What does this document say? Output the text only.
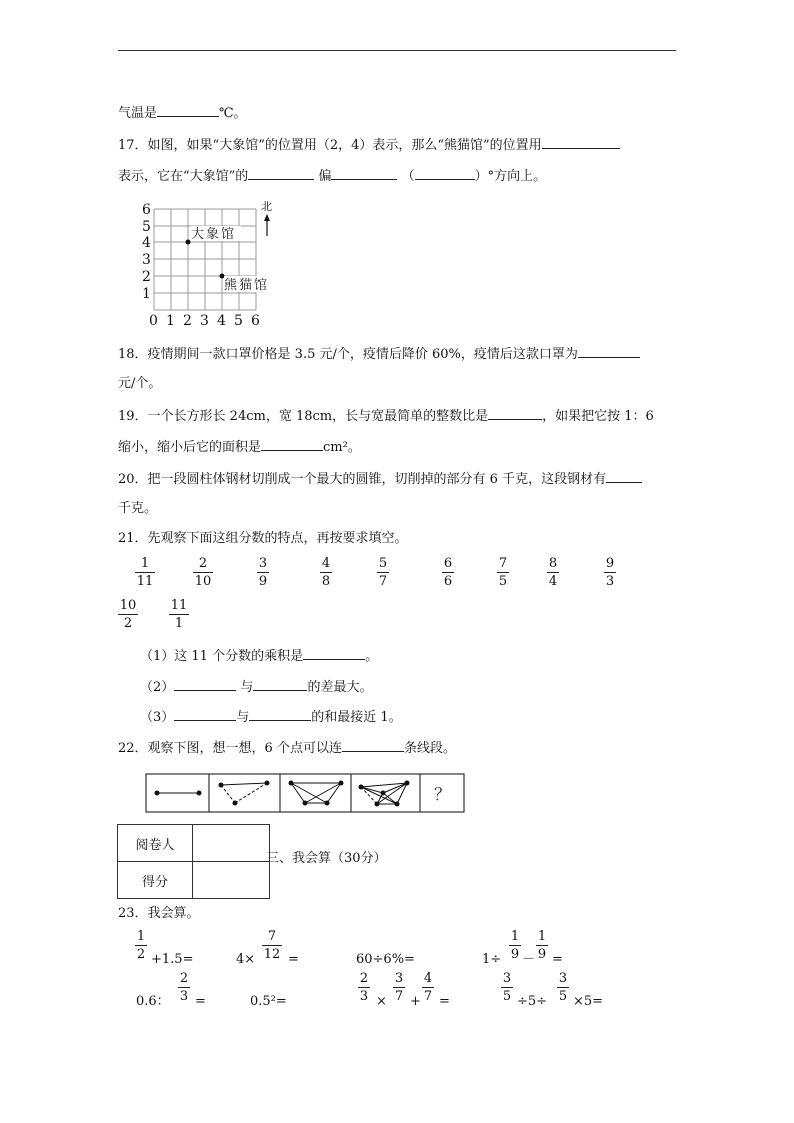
气温是	℃。
17．如图，如果“大象馆”的位置用（2，4）表示，那么“熊猫馆”的位置用
表示，它在“大象馆”的	偏	（	）°方向上。
6
5
4
3
2
1
0 1 2 3 4 5 6
大象馆
熊猫馆
北
18．疫情期间一款口罩价格是 3.5 元/个，疫情后降价 60%，疫情后这款口罩为
元/个。
19．一个长方形长 24cm，宽 18cm，长与宽最简单的整数比是	，如果把它按 1：6
缩小，缩小后它的面积是	cm²。
20．把一段圆柱体钢材切削成一个最大的圆锥，切削掉的部分有 6 千克，这段钢材有
千克。
21．先观察下面这组分数的特点，再按要求填空。
1
11
2
10
3
9
4
8
5
7
6
6
7
5
8
4
9
3
10
2
11
1
（1）这 11 个分数的乘积是	。
（2）	与	的差最大。
（3）	与	的和最接近 1。
22．观察下图，想一想，6 个点可以连	条线段。
？
阅卷人	
得分	
三、我会算（30分）
23．我会算。
1
2 +1.5=	4×
7
12 =	60÷6%=	1÷
1
9 －
1
9 =
0.6：
2
3 =	0.5²=
2
3 ×
3
7 +
4
7 =
3
5 ÷5÷
3
5 ×5=
